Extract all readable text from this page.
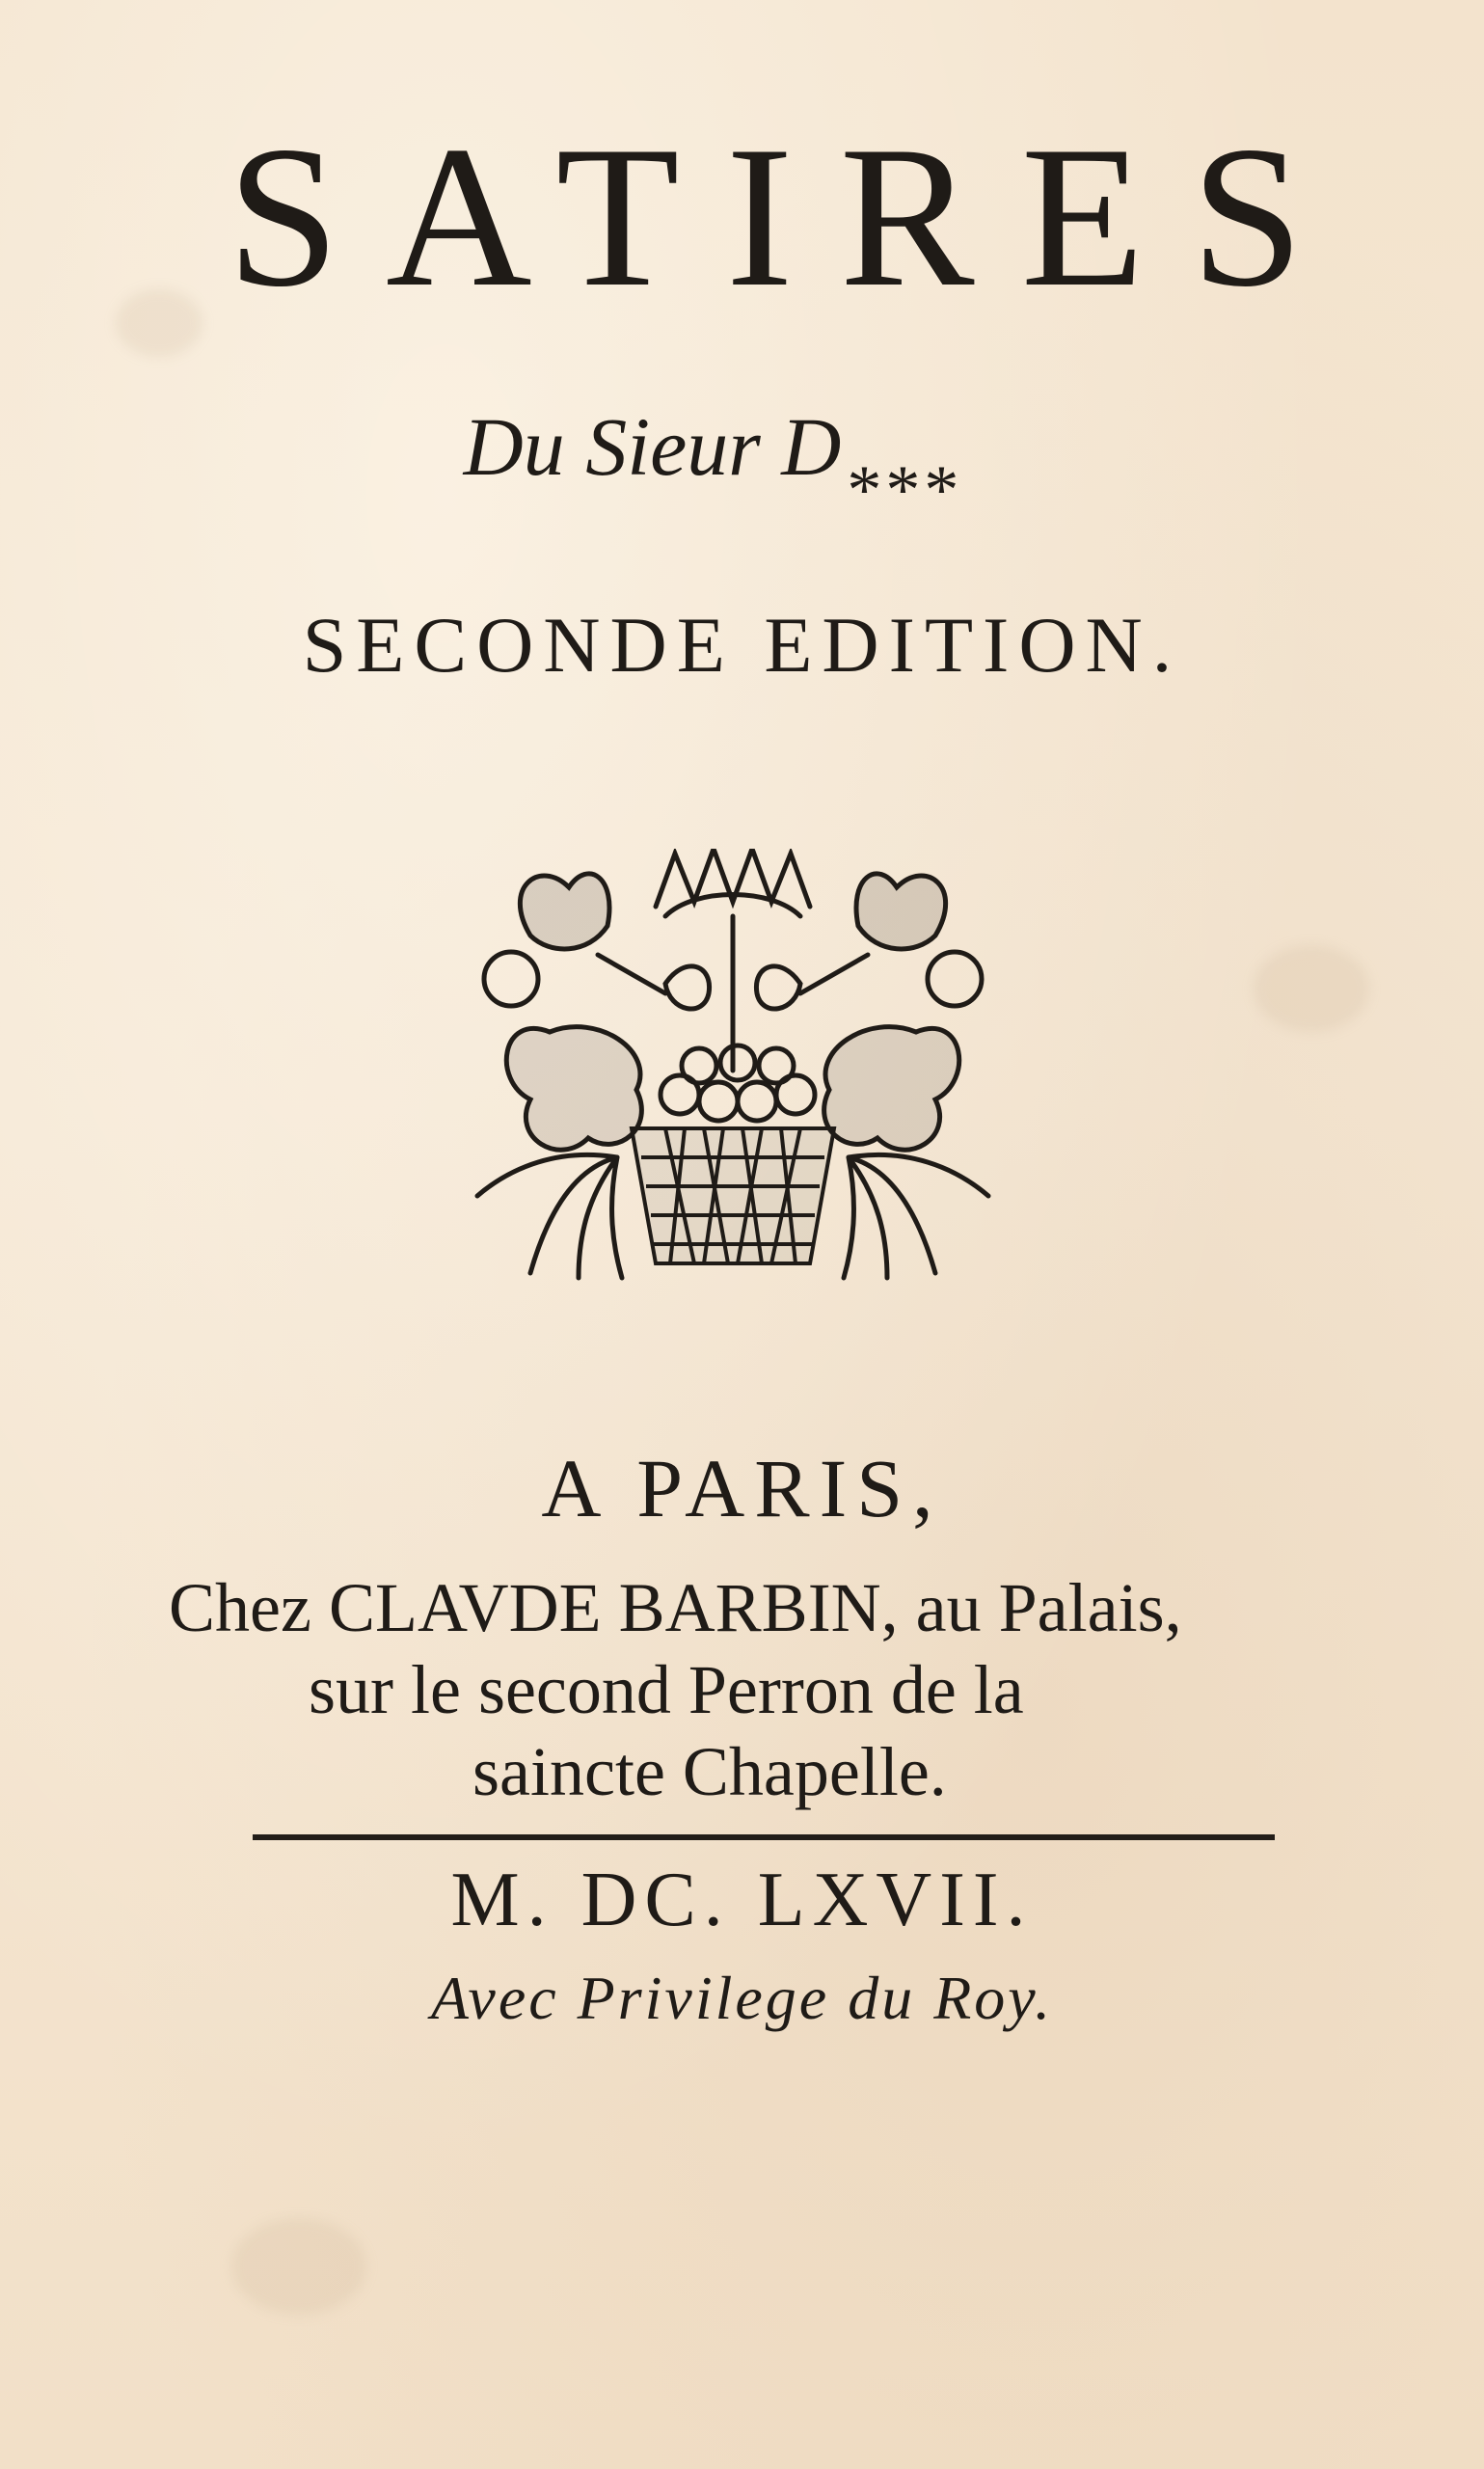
SATIRES
Du Sieur $D_{***}$
SECONDE EDITION.
A PARIS,
Chez CLAVDE BARBIN, au Palais,
sur le second Perron de la
saincte Chapelle.
M. DC. LXVII.
Avec Privilege du Roy.
